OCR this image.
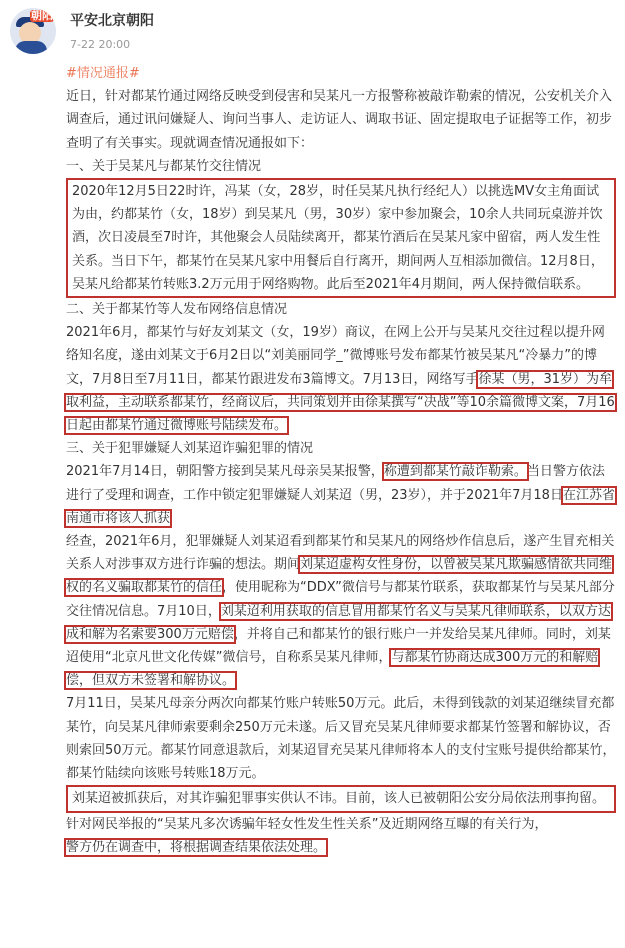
朝阳 平安北京朝阳
7-22 20:00

#情况通报#

近日，针对都某竹通过网络反映受到侵害和吴某凡一方报警称被敲诈勒索的情况，公安机关介入调查后，通过讯问嫌疑人、询问当事人、走访证人、调取书证、固定提取电子证据等工作，初步查明了有关事实。现就调查情况通报如下：

一、关于吴某凡与都某竹交往情况

2020年12月5日22时许，冯某（女，28岁，时任吴某凡执行经纪人）以挑选MV女主角面试为由，约都某竹（女，18岁）到吴某凡（男，30岁）家中参加聚会，10余人共同玩桌游并饮酒，次日凌晨至7时许，其他聚会人员陆续离开，都某竹酒后在吴某凡家中留宿，两人发生性关系。当日下午，都某竹在吴某凡家中用餐后自行离开，期间两人互相添加微信。12月8日，吴某凡给都某竹转账3.2万元用于网络购物。此后至2021年4月期间，两人保持微信联系。

二、关于都某竹等人发布网络信息情况

2021年6月，都某竹与好友刘某文（女，19岁）商议，在网上公开与吴某凡交往过程以提升网络知名度，遂由刘某文于6月2日以“刘美丽同学_”微博账号发布都某竹被吴某凡“冷暴力”的博文，7月8日至7月11日，都某竹跟进发布3篇博文。7月13日，网络写手徐某（男，31岁）为牟取利益，主动联系都某竹，经商议后，共同策划并由徐某撰写“决战”等10余篇微博文案，7月16日起由都某竹通过微博账号陆续发布。

三、关于犯罪嫌疑人刘某迢诈骗犯罪的情况

2021年7月14日，朝阳警方接到吴某凡母亲吴某报警，称遭到都某竹敲诈勒索。当日警方依法进行了受理和调查，工作中锁定犯罪嫌疑人刘某迢（男，23岁），并于2021年7月18日在江苏省南通市将该人抓获

经查，2021年6月，犯罪嫌疑人刘某迢看到都某竹和吴某凡的网络炒作信息后，遂产生冒充相关关系人对涉事双方进行诈骗的想法。期间刘某迢虚构女性身份，以曾被吴某凡欺骗感情欲共同维权的名义骗取都某竹的信任，使用昵称为“DDX”微信号与都某竹联系，获取都某竹与吴某凡部分交往情况信息。7月10日，刘某迢利用获取的信息冒用都某竹名义与吴某凡律师联系，以双方达成和解为名索要300万元赔偿，并将自己和都某竹的银行账户一并发给吴某凡律师。同时，刘某迢使用“北京凡世文化传媒”微信号，自称系吴某凡律师，与都某竹协商达成300万元的和解赔偿，但双方未签署和解协议。

7月11日，吴某凡母亲分两次向都某竹账户转账50万元。此后，未得到钱款的刘某迢继续冒充都某竹，向吴某凡律师索要剩余250万元未遂。后又冒充吴某凡律师要求都某竹签署和解协议，否则索回50万元。都某竹同意退款后，刘某迢冒充吴某凡律师将本人的支付宝账号提供给都某竹，都某竹陆续向该账号转账18万元。

刘某迢被抓获后，对其诈骗犯罪事实供认不讳。目前，该人已被朝阳公安分局依法刑事拘留。

针对网民举报的“吴某凡多次诱骗年轻女性发生性关系”及近期网络互曝的有关行为，

警方仍在调查中，将根据调查结果依法处理。
